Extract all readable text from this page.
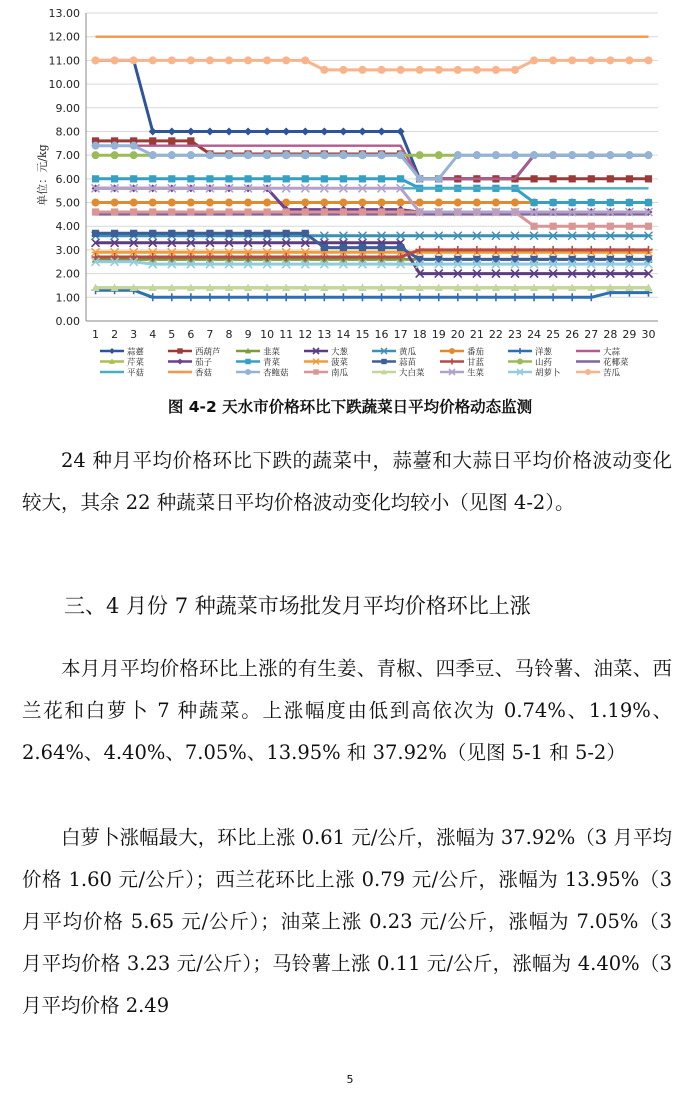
0.00
1.00
2.00
3.00
4.00
5.00
6.00
7.00
8.00
9.00
10.00
11.00
12.00
13.00
1 2 3 4 5 6 7 8 9 10 11 12 13 14 15 16 17 18 19 20 21 22 23 24 25 26 27 28 29 30
单位：元/kg
蒜薹	西葫芦	韭菜	大葱	黄瓜	番茄	洋葱	大蒜
芹菜	茄子	青菜	菠菜	蒜苗	甘蓝	山药	花椰菜
平菇	香菇	杏鲍菇	南瓜	大白菜	生菜	胡萝卜	苦瓜
图 4-2 天水市价格环比下跌蔬菜日平均价格动态监测

24 种月平均价格环比下跌的蔬菜中，蒜薹和大蒜日平均价格波动变化较大，其余 22 种蔬菜日平均价格波动变化均较小（见图 4-2）。

三、4 月份 7 种蔬菜市场批发月平均价格环比上涨

本月月平均价格环比上涨的有生姜、青椒、四季豆、马铃薯、油菜、西兰花和白萝卜 7 种蔬菜。上涨幅度由低到高依次为 0.74%、1.19%、2.64%、4.40%、7.05%、13.95% 和 37.92%（见图 5-1 和 5-2）

白萝卜涨幅最大，环比上涨 0.61 元/公斤，涨幅为 37.92%（3 月平均价格 1.60 元/公斤）；西兰花环比上涨 0.79 元/公斤，涨幅为 13.95%（3 月平均价格 5.65 元/公斤）；油菜上涨 0.23 元/公斤，涨幅为 7.05%（3 月平均价格 3.23 元/公斤）；马铃薯上涨 0.11 元/公斤，涨幅为 4.40%（3 月平均价格 2.49

5
